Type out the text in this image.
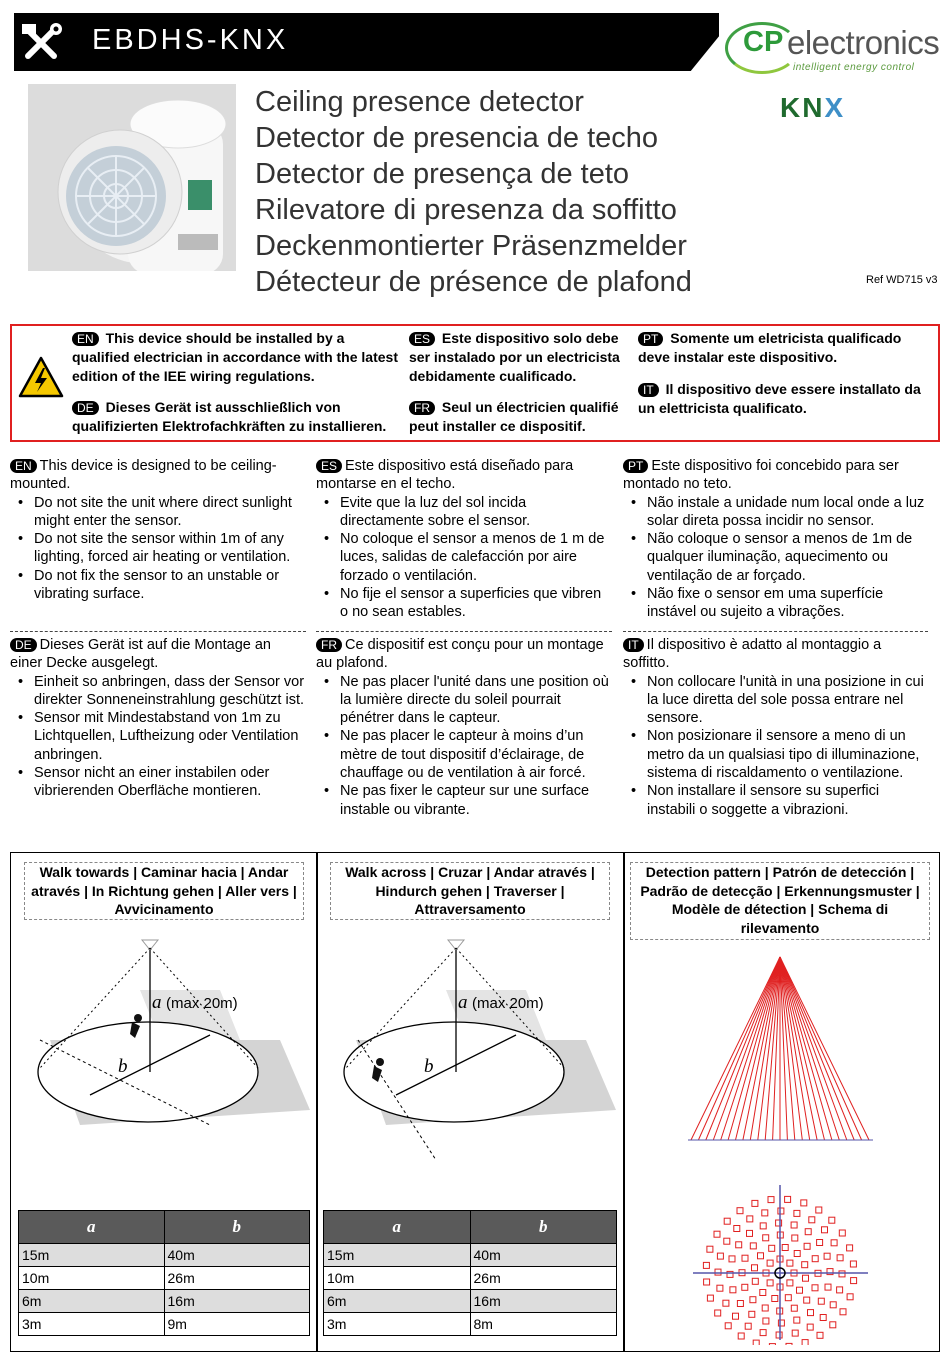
EBDHS-KNX	CP electronics
intelligent energy control
KNX
Ceiling presence detector
Detector de presencia de techo
Detector de presença de teto
Rilevatore di presenza da soffitto
Deckenmontierter Präsenzmelder
Détecteur de présence de plafond	Ref WD715 v3
EN This device should be installed by a qualified electrician in accordance with the latest edition of the IEE wiring regulations.
DE Dieses Gerät ist ausschließlich von qualifizierten Elektrofachkräften zu installieren.
ES Este dispositivo solo debe ser instalado por un electricista debidamente cualificado.
FR Seul un électricien qualifié peut installer ce dispositif.
PT Somente um eletricista qualificado deve instalar este dispositivo.
IT Il dispositivo deve essere installato da un elettricista qualificato.
EN This device is designed to be ceiling-mounted.
• Do not site the unit where direct sunlight might enter the sensor.
• Do not site the sensor within 1m of any lighting, forced air heating or ventilation.
• Do not fix the sensor to an unstable or vibrating surface.
ES Este dispositivo está diseñado para montarse en el techo.
• Evite que la luz del sol incida directamente sobre el sensor.
• No coloque el sensor a menos de 1 m de luces, salidas de calefacción por aire forzado o ventilación.
• No fije el sensor a superficies que vibren o no sean estables.
PT Este dispositivo foi concebido para ser montado no teto.
• Não instale a unidade num local onde a luz solar direta possa incidir no sensor.
• Não coloque o sensor a menos de 1m de qualquer iluminação, aquecimento ou ventilação de ar forçado.
• Não fixe o sensor em uma superfície instável ou sujeito a vibrações.
DE Dieses Gerät ist auf die Montage an einer Decke ausgelegt.
• Einheit so anbringen, dass der Sensor vor direkter Sonneneinstrahlung geschützt ist.
• Sensor mit Mindestabstand von 1m zu Lichtquellen, Luftheizung oder Ventilation anbringen.
• Sensor nicht an einer instabilen oder vibrierenden Oberfläche montieren.
FR Ce dispositif est conçu pour un montage au plafond.
• Ne pas placer l'unité dans une position où la lumière directe du soleil pourrait pénétrer dans le capteur.
• Ne pas placer le capteur à moins d’un mètre de tout dispositif d’éclairage, de chauffage ou de ventilation à air forcé.
• Ne pas fixer le capteur sur une surface instable ou vibrante.
IT Il dispositivo è adatto al montaggio a soffitto.
• Non collocare l'unità in una posizione in cui la luce diretta del sole possa entrare nel sensore.
• Non posizionare il sensore a meno di un metro da un qualsiasi tipo di illuminazione, sistema di riscaldamento o ventilazione.
• Non installare il sensore su superfici instabili o soggette a vibrazioni.
Walk towards | Caminar hacia | Andar através | In Richtung gehen | Aller vers | Avvicinamento
Walk across | Cruzar | Andar através | Hindurch gehen | Traverser | Attraversamento
Detection pattern | Patrón de detección | Padrão de detecção | Erkennungsmuster | Modèle de détection | Schema di rilevamento
a (max 20m)
b
a (max 20m)
b
a	b
15m	40m
10m	26m
6m	16m
3m	9m
a	b
15m	40m
10m	26m
6m	16m
3m	8m
